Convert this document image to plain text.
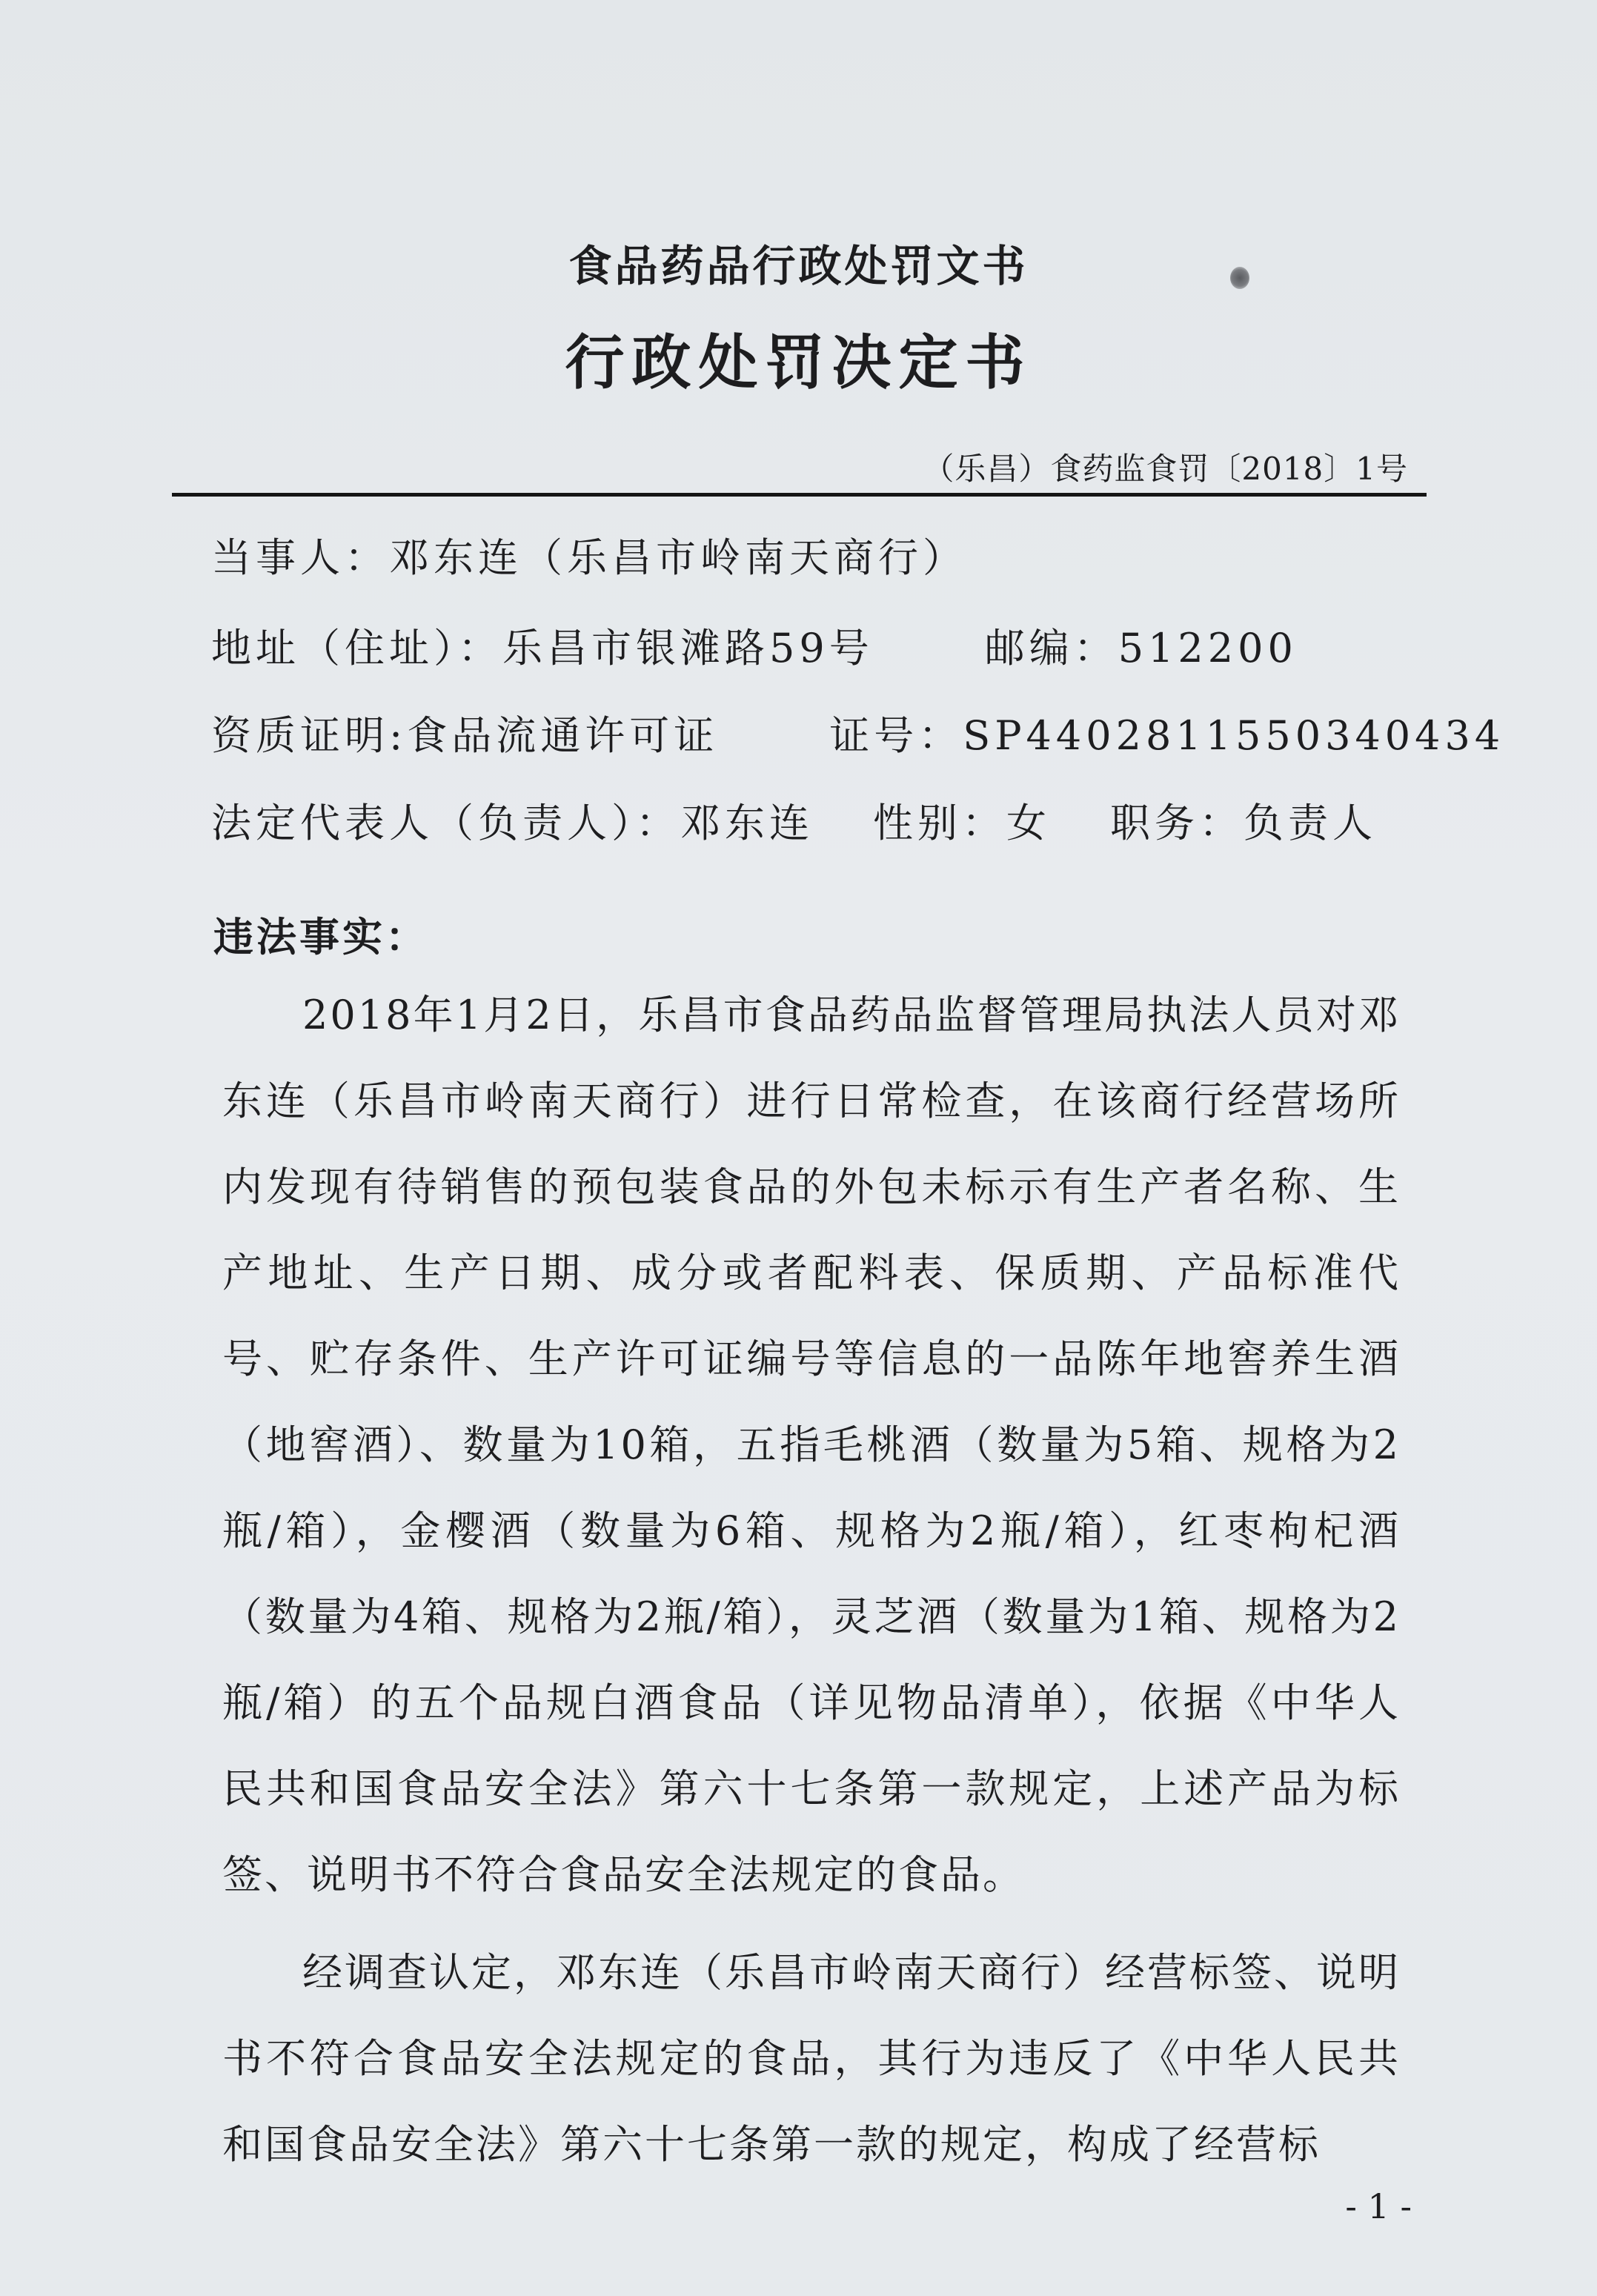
食品药品行政处罚文书
行政处罚决定书
（乐昌）食药监食罚〔2018〕1号
当事人：邓东连（乐昌市岭南天商行）
地址（住址）：乐昌市银滩路59号	邮编：512200
资质证明:食品流通许可证	证号：SP4402811550340434
法定代表人（负责人）：邓东连 性别：女 职务：负责人
违法事实：

2018年1月2日，乐昌市食品药品监督管理局执法人员对邓东连（乐昌市岭南天商行）进行日常检查，在该商行经营场所内发现有待销售的预包装食品的外包未标示有生产者名称、生产地址、生产日期、成分或者配料表、保质期、产品标准代号、贮存条件、生产许可证编号等信息的一品陈年地窖养生酒（地窖酒）、数量为10箱，五指毛桃酒（数量为5箱、规格为2瓶/箱），金樱酒（数量为6箱、规格为2瓶/箱），红枣枸杞酒（数量为4箱、规格为2瓶/箱），灵芝酒（数量为1箱、规格为2瓶/箱）的五个品规白酒食品（详见物品清单），依据《中华人民共和国食品安全法》第六十七条第一款规定，上述产品为标签、说明书不符合食品安全法规定的食品。

经调查认定，邓东连（乐昌市岭南天商行）经营标签、说明书不符合食品安全法规定的食品，其行为违反了《中华人民共和国食品安全法》第六十七条第一款的规定，构成了经营标

- 1 -
